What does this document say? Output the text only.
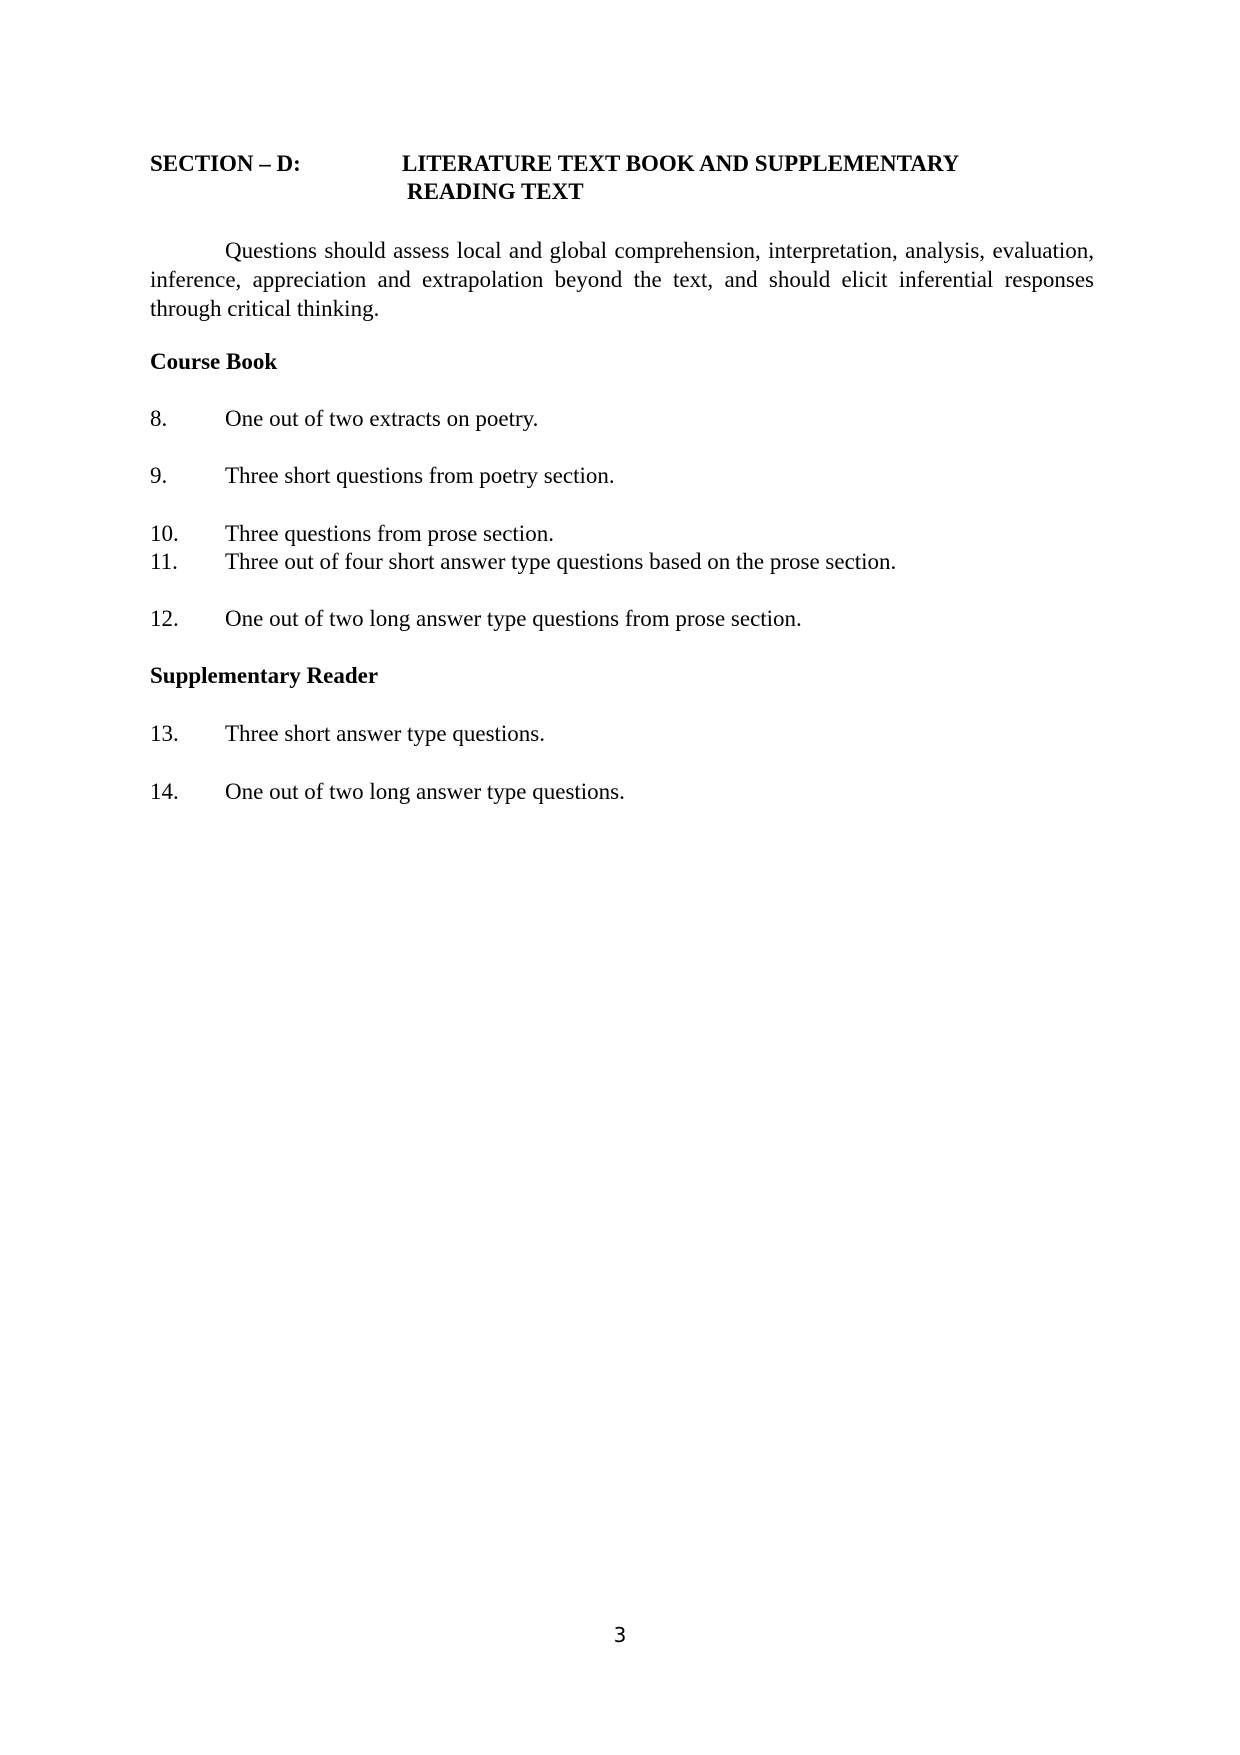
SECTION – D:	LITERATURE TEXT BOOK AND SUPPLEMENTARY
READING TEXT

Questions should assess local and global comprehension, interpretation, analysis, evaluation, inference, appreciation and extrapolation beyond the text, and should elicit inferential responses through critical thinking.

Course Book
8.	One out of two extracts on poetry.
9.	Three short questions from poetry section.
10. Three questions from prose section.
11. Three out of four short answer type questions based on the prose section.
12. One out of two long answer type questions from prose section.
Supplementary Reader
13. Three short answer type questions.
14. One out of two long answer type questions.
3
